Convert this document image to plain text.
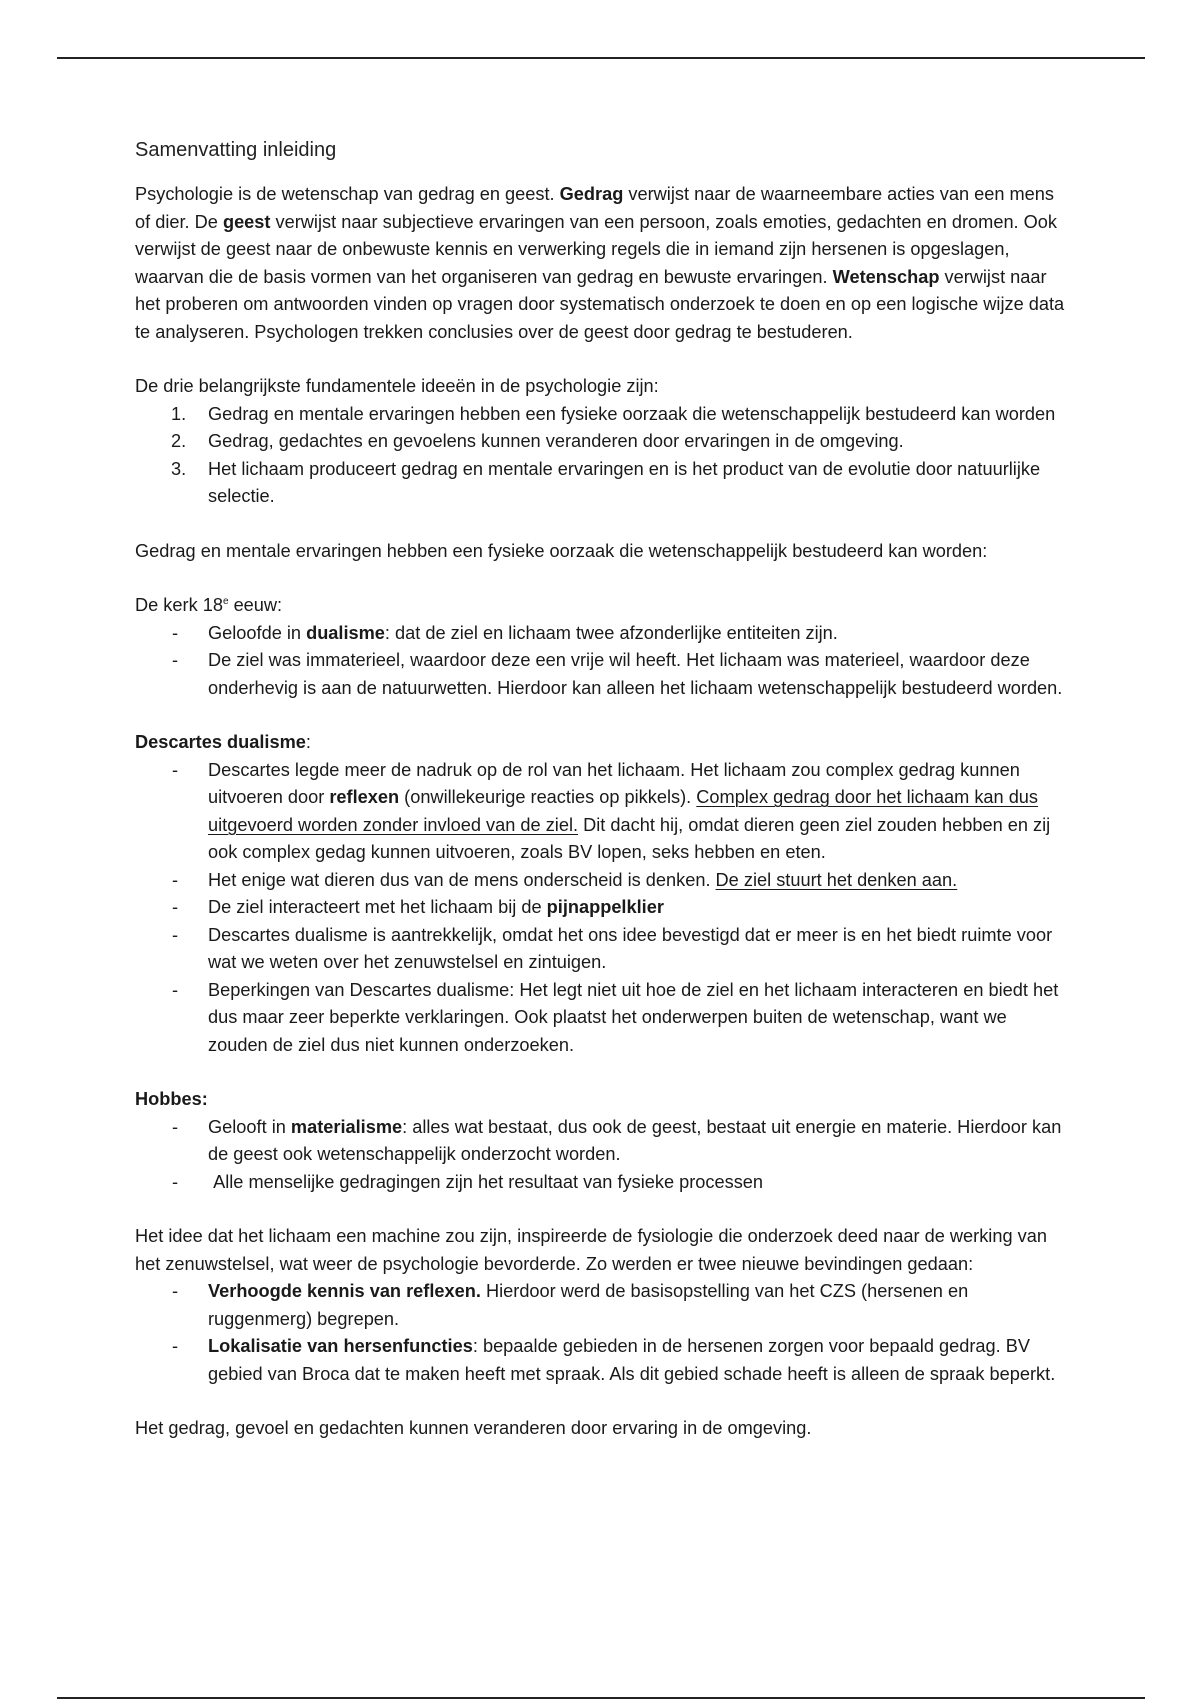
Samenvatting inleiding

Psychologie is de wetenschap van gedrag en geest. Gedrag verwijst naar de waarneembare acties van een mens of dier. De geest verwijst naar subjectieve ervaringen van een persoon, zoals emoties, gedachten en dromen. Ook verwijst de geest naar de onbewuste kennis en verwerking regels die in iemand zijn hersenen is opgeslagen, waarvan die de basis vormen van het organiseren van gedrag en bewuste ervaringen. Wetenschap verwijst naar het proberen om antwoorden vinden op vragen door systematisch onderzoek te doen en op een logische wijze data te analyseren. Psychologen trekken conclusies over de geest door gedrag te bestuderen.

De drie belangrijkste fundamentele ideeën in de psychologie zijn:

1. Gedrag en mentale ervaringen hebben een fysieke oorzaak die wetenschappelijk bestudeerd kan worden
2. Gedrag, gedachtes en gevoelens kunnen veranderen door ervaringen in de omgeving.
3. Het lichaam produceert gedrag en mentale ervaringen en is het product van de evolutie door natuurlijke selectie.

Gedrag en mentale ervaringen hebben een fysieke oorzaak die wetenschappelijk bestudeerd kan worden:

De kerk 18e eeuw:

- Geloofde in dualisme: dat de ziel en lichaam twee afzonderlijke entiteiten zijn.
- De ziel was immaterieel, waardoor deze een vrije wil heeft. Het lichaam was materieel, waardoor deze onderhevig is aan de natuurwetten. Hierdoor kan alleen het lichaam wetenschappelijk bestudeerd worden.

Descartes dualisme:

- Descartes legde meer de nadruk op de rol van het lichaam. Het lichaam zou complex gedrag kunnen uitvoeren door reflexen (onwillekeurige reacties op pikkels). Complex gedrag door het lichaam kan dus uitgevoerd worden zonder invloed van de ziel. Dit dacht hij, omdat dieren geen ziel zouden hebben en zij ook complex gedag kunnen uitvoeren, zoals BV lopen, seks hebben en eten.
- Het enige wat dieren dus van de mens onderscheid is denken. De ziel stuurt het denken aan.
- De ziel interacteert met het lichaam bij de pijnappelklier
- Descartes dualisme is aantrekkelijk, omdat het ons idee bevestigd dat er meer is en het biedt ruimte voor wat we weten over het zenuwstelsel en zintuigen.
- Beperkingen van Descartes dualisme: Het legt niet uit hoe de ziel en het lichaam interacteren en biedt het dus maar zeer beperkte verklaringen. Ook plaatst het onderwerpen buiten de wetenschap, want we zouden de ziel dus niet kunnen onderzoeken.

Hobbes:

- Gelooft in materialisme: alles wat bestaat, dus ook de geest, bestaat uit energie en materie. Hierdoor kan de geest ook wetenschappelijk onderzocht worden.
- Alle menselijke gedragingen zijn het resultaat van fysieke processen

Het idee dat het lichaam een machine zou zijn, inspireerde de fysiologie die onderzoek deed naar de werking van het zenuwstelsel, wat weer de psychologie bevorderde. Zo werden er twee nieuwe bevindingen gedaan:

- Verhoogde kennis van reflexen. Hierdoor werd de basisopstelling van het CZS (hersenen en ruggenmerg) begrepen.
- Lokalisatie van hersenfuncties: bepaalde gebieden in de hersenen zorgen voor bepaald gedrag. BV gebied van Broca dat te maken heeft met spraak. Als dit gebied schade heeft is alleen de spraak beperkt.

Het gedrag, gevoel en gedachten kunnen veranderen door ervaring in de omgeving.
